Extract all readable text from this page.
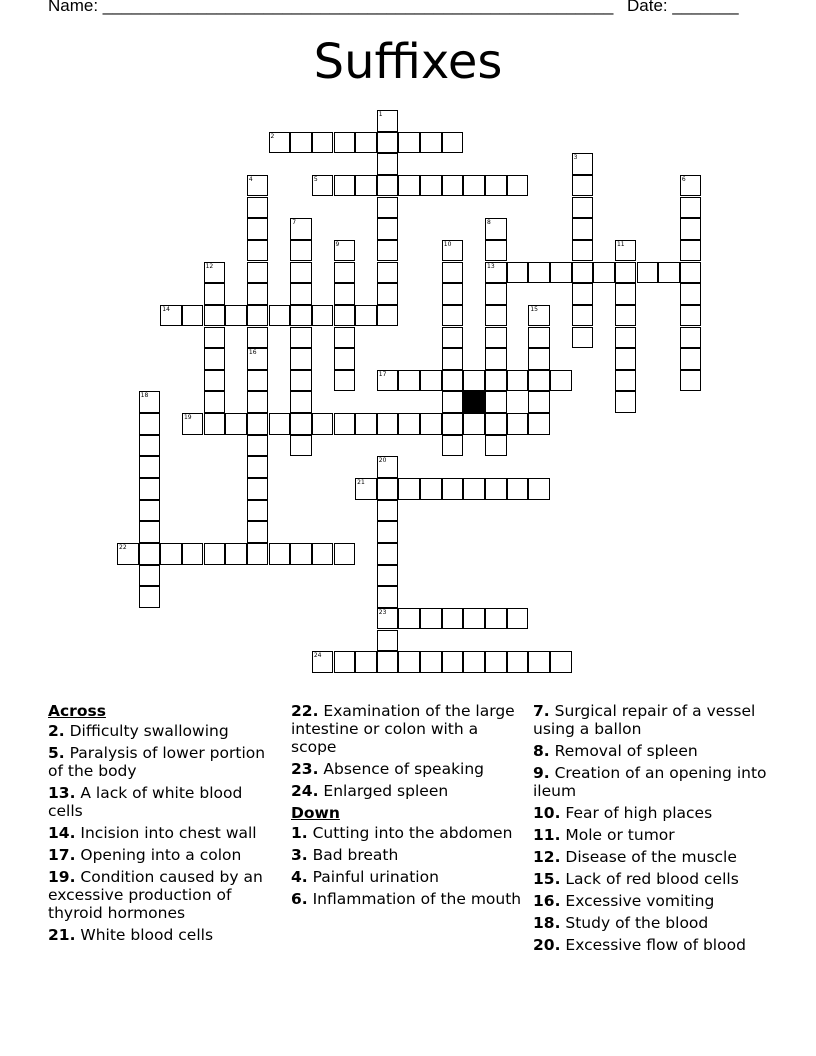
Name: ______________________________________________________ Date: _______
Suffixes
1
2
3
4
16
5	6
7	8
13
9	10	11
12
14	15
17
18
19
20
23
21
22
24
Across
2. Difficulty swallowing
5. Paralysis of lower portion of the body
13. A lack of white blood cells
14. Incision into chest wall
17. Opening into a colon
19. Condition caused by an excessive production of thyroid hormones
21. White blood cells
22. Examination of the large intestine or colon with a scope
23. Absence of speaking
24. Enlarged spleen
Down
1. Cutting into the abdomen
3. Bad breath
4. Painful urination
6. Inflammation of the mouth
7. Surgical repair of a vessel using a ballon
8. Removal of spleen
9. Creation of an opening into ileum
10. Fear of high places
11. Mole or tumor
12. Disease of the muscle
15. Lack of red blood cells
16. Excessive vomiting
18. Study of the blood
20. Excessive flow of blood
